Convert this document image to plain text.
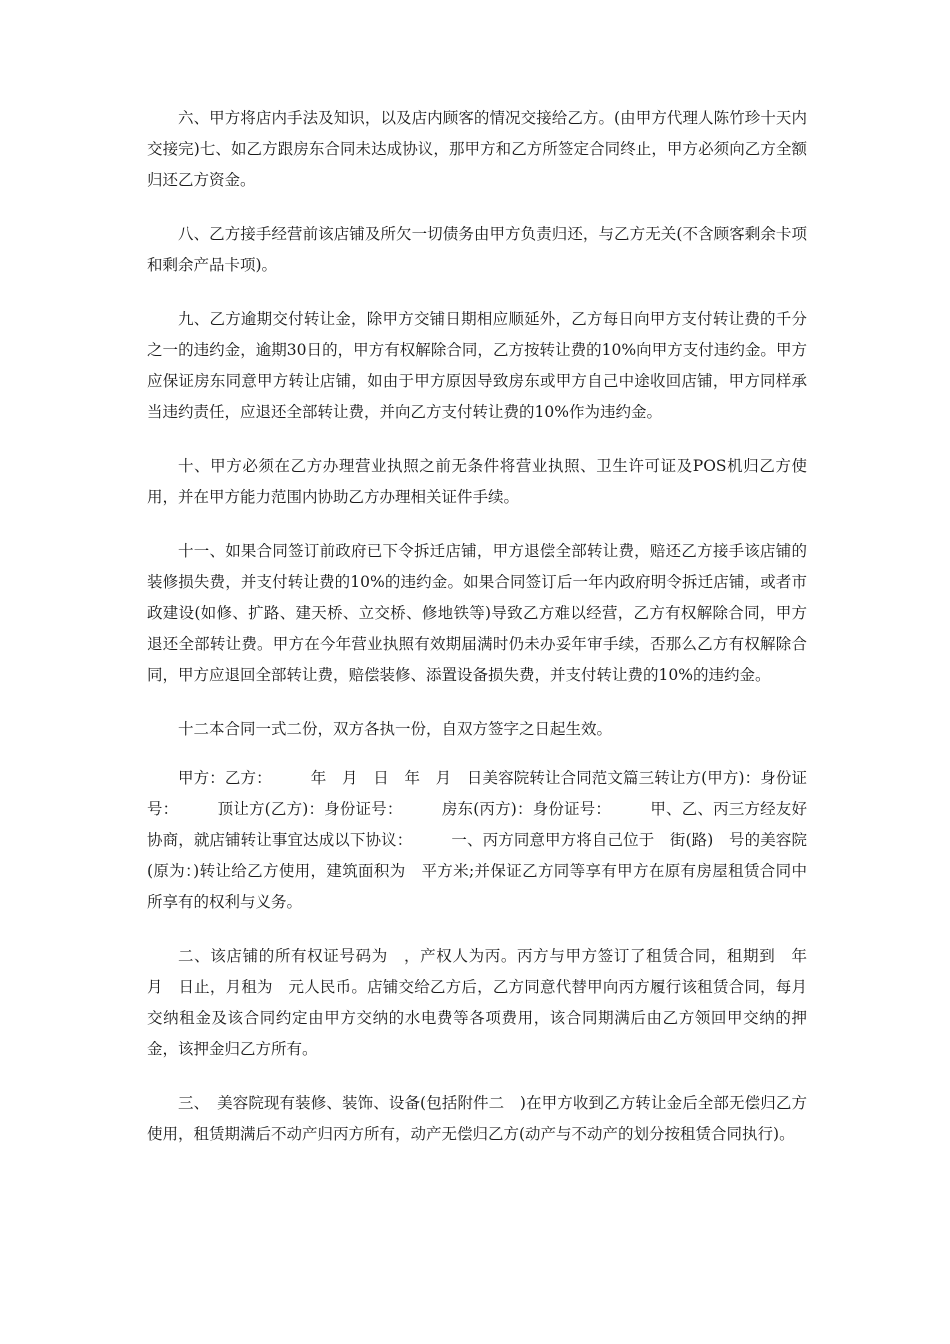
六、甲方将店内手法及知识，以及店内顾客的情况交接给乙方。(由甲方代理人陈竹珍十天内交接完)七、如乙方跟房东合同未达成协议，那甲方和乙方所签定合同终止，甲方必须向乙方全额归还乙方资金。

八、乙方接手经营前该店铺及所欠一切债务由甲方负责归还，与乙方无关(不含顾客剩余卡项和剩余产品卡项)。

九、乙方逾期交付转让金，除甲方交铺日期相应顺延外，乙方每日向甲方支付转让费的千分之一的违约金，逾期30日的，甲方有权解除合同，乙方按转让费的10%向甲方支付违约金。甲方应保证房东同意甲方转让店铺，如由于甲方原因导致房东或甲方自己中途收回店铺，甲方同样承当违约责任，应退还全部转让费，并向乙方支付转让费的10%作为违约金。

十、甲方必须在乙方办理营业执照之前无条件将营业执照、卫生许可证及POS机归乙方使用，并在甲方能力范围内协助乙方办理相关证件手续。

十一、如果合同签订前政府已下令拆迁店铺，甲方退偿全部转让费，赔还乙方接手该店铺的装修损失费，并支付转让费的10%的违约金。如果合同签订后一年内政府明令拆迁店铺，或者市政建设(如修、扩路、建天桥、立交桥、修地铁等)导致乙方难以经营，乙方有权解除合同，甲方退还全部转让费。甲方在今年营业执照有效期届满时仍未办妥年审手续，否那么乙方有权解除合同，甲方应退回全部转让费，赔偿装修、添置设备损失费，并支付转让费的10%的违约金。

十二本合同一式二份，双方各执一份，自双方签字之日起生效。

甲方：乙方：　　　年　月　日　年　月　日美容院转让合同范文篇三转让方(甲方)：身份证号：　　　顶让方(乙方)：身份证号：　　　房东(丙方)：身份证号：　　　甲、乙、丙三方经友好协商，就店铺转让事宜达成以下协议：　　　一、丙方同意甲方将自己位于　街(路)　号的美容院(原为：)转让给乙方使用，建筑面积为　平方米;并保证乙方同等享有甲方在原有房屋租赁合同中所享有的权利与义务。

二、该店铺的所有权证号码为　，产权人为丙。丙方与甲方签订了租赁合同，租期到　年　月　日止，月租为　元人民币。店铺交给乙方后，乙方同意代替甲向丙方履行该租赁合同，每月交纳租金及该合同约定由甲方交纳的水电费等各项费用，该合同期满后由乙方领回甲交纳的押金，该押金归乙方所有。

三、　美容院现有装修、装饰、设备(包括附件二　)在甲方收到乙方转让金后全部无偿归乙方使用，租赁期满后不动产归丙方所有，动产无偿归乙方(动产与不动产的划分按租赁合同执行)。
